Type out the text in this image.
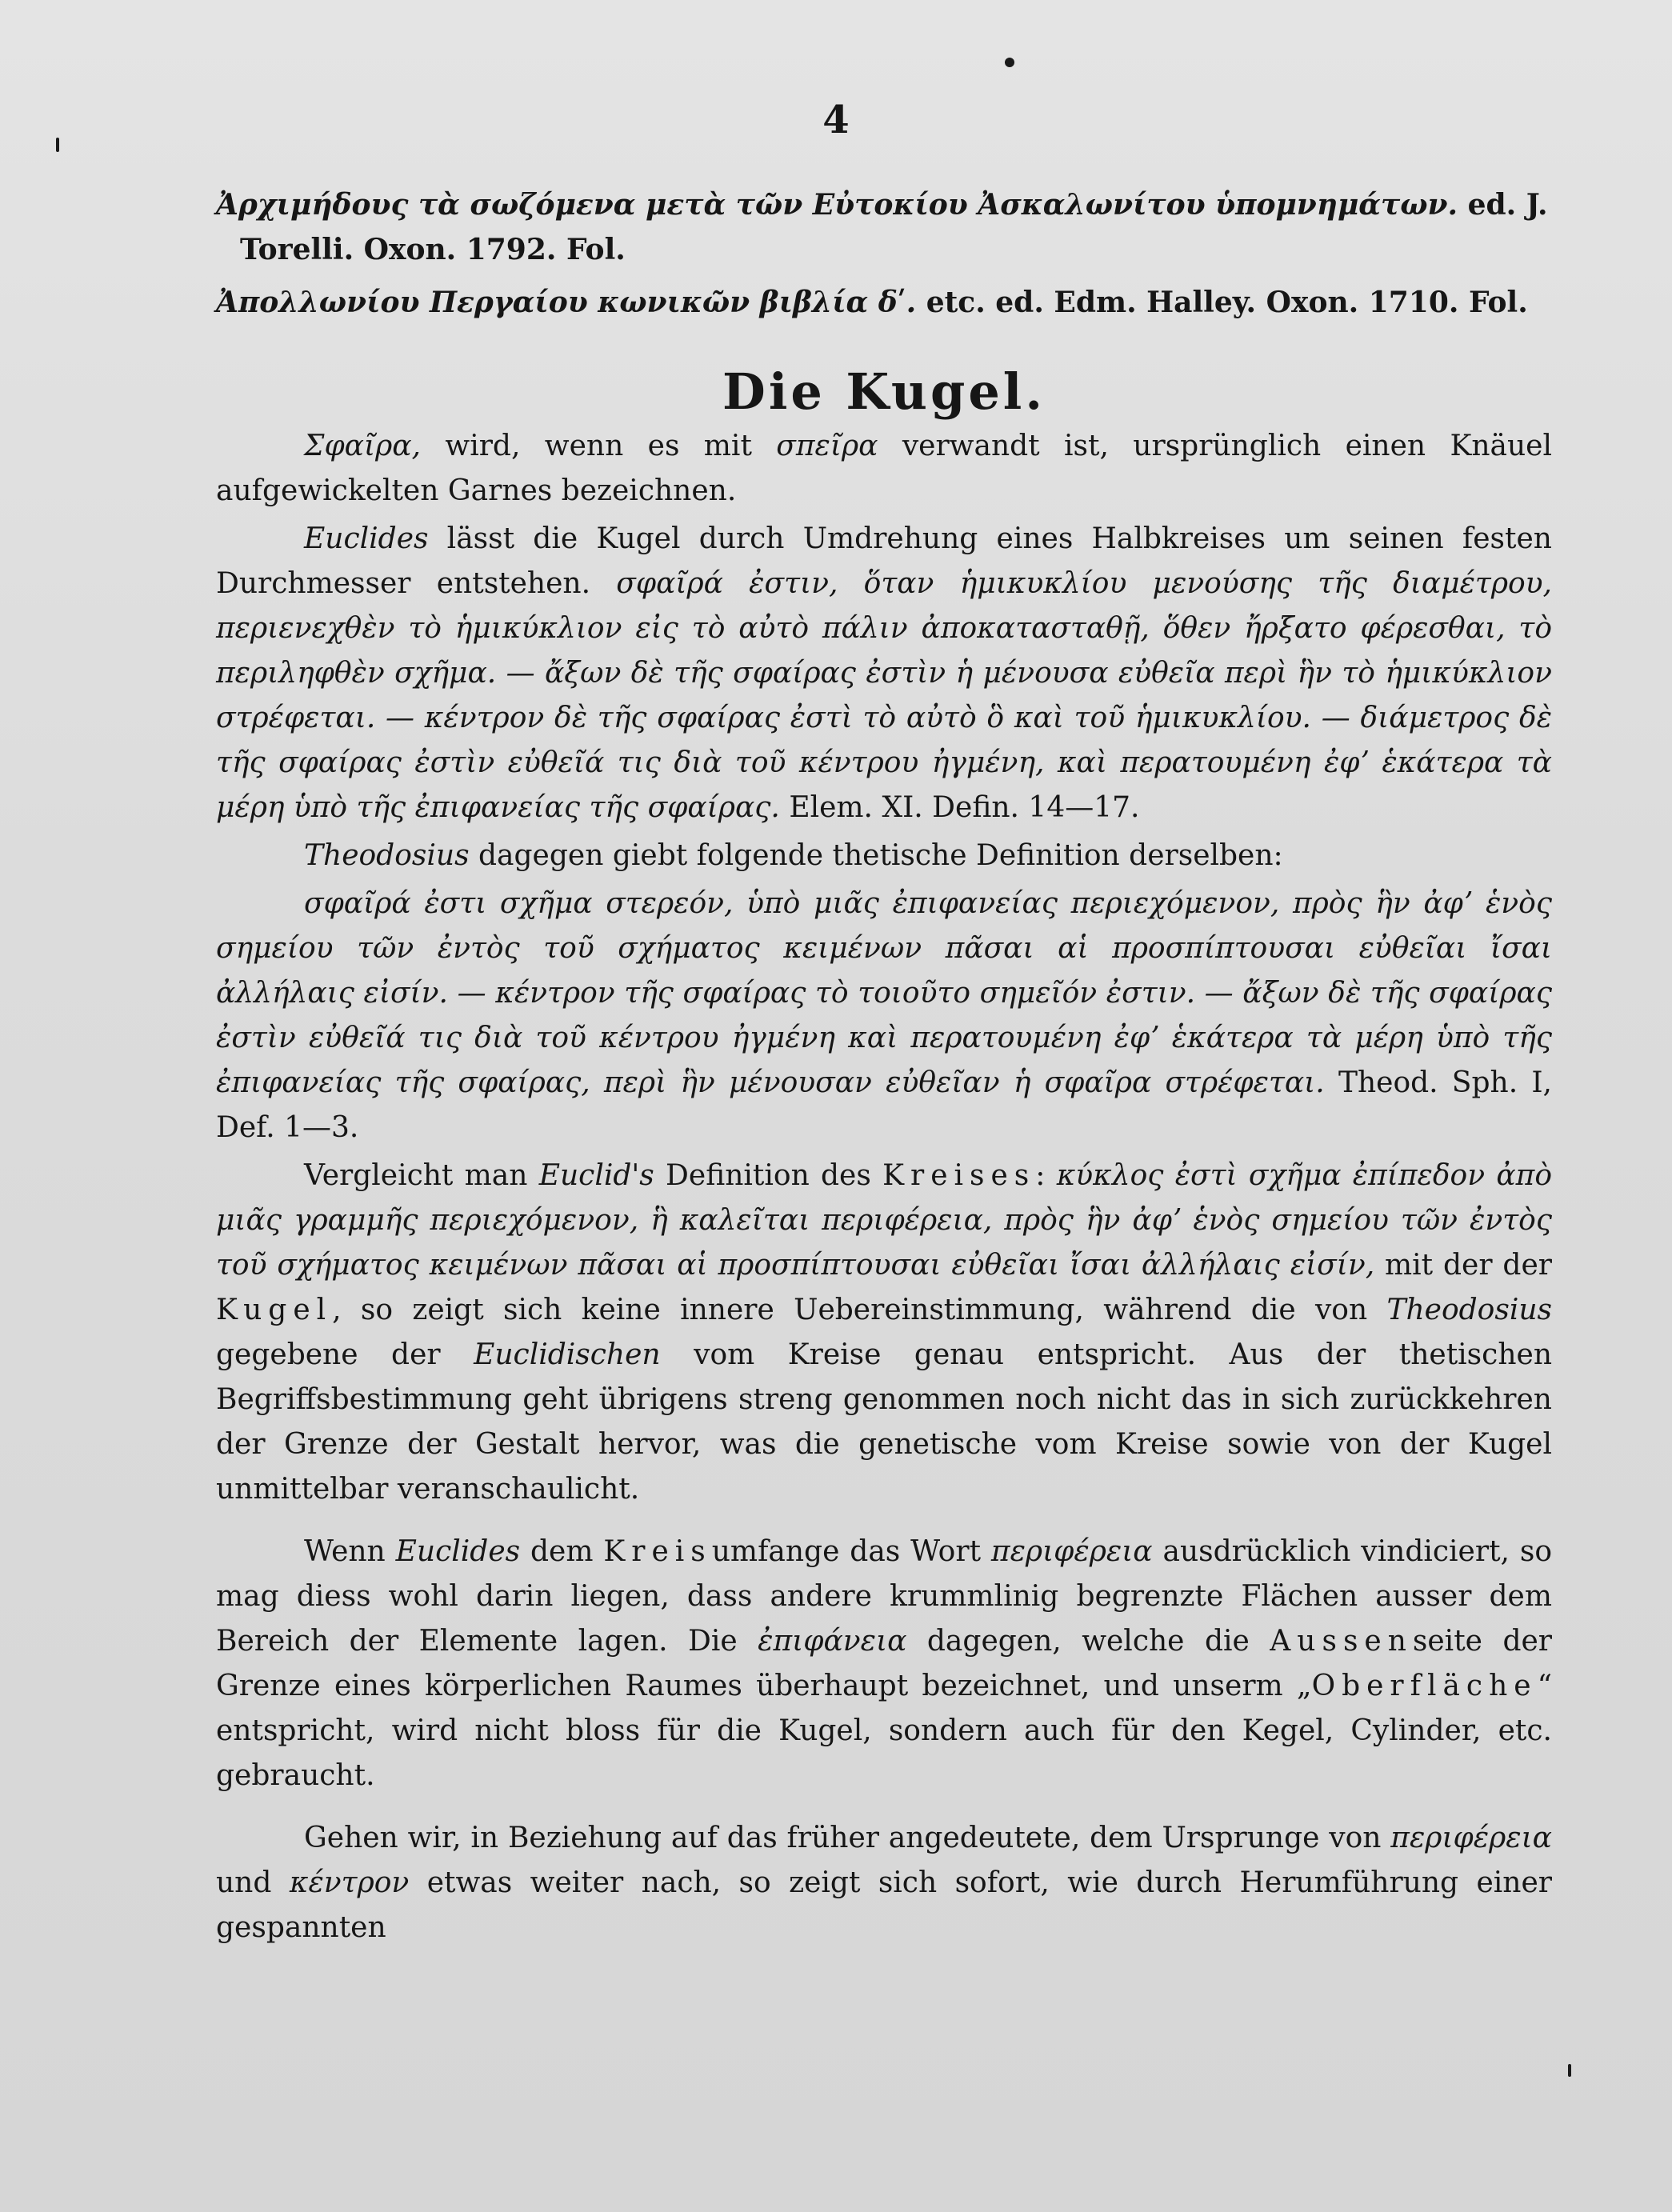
4

Ἀρχιμήδους τὰ σωζόμενα μετὰ τῶν Εὐτοκίου Ἀσκαλωνίτου ὑπομνημάτων. ed. J. Torelli. Oxon. 1792. Fol.

Ἀπολλωνίου Περγαίου κωνικῶν βιβλία δʹ. etc. ed. Edm. Halley. Oxon. 1710. Fol.

Die Kugel.

Σφαῖρα, wird, wenn es mit σπεῖρα verwandt ist, ursprünglich einen Knäuel aufgewickelten Garnes bezeichnen.

Euclides lässt die Kugel durch Umdrehung eines Halbkreises um seinen festen Durchmesser entstehen. σφαῖρά ἐστιν, ὅταν ἡμικυκλίου μενούσης τῆς διαμέτρου, περιενεχθὲν τὸ ἡμικύκλιον εἰς τὸ αὐτὸ πάλιν ἀποκατασταθῇ, ὅθεν ἤρξατο φέρεσθαι, τὸ περιληφθὲν σχῆμα. — ἄξων δὲ τῆς σφαίρας ἐστὶν ἡ μένουσα εὐθεῖα περὶ ἣν τὸ ἡμικύκλιον στρέφεται. — κέντρον δὲ τῆς σφαίρας ἐστὶ τὸ αὐτὸ ὃ καὶ τοῦ ἡμικυκλίου. — διάμετρος δὲ τῆς σφαίρας ἐστὶν εὐθεῖά τις διὰ τοῦ κέντρου ἠγμένη, καὶ περατουμένη ἐφʼ ἑκάτερα τὰ μέρη ὑπὸ τῆς ἐπιφανείας τῆς σφαίρας. Elem. XI. Defin. 14—17.

Theodosius dagegen giebt folgende thetische Definition derselben:

σφαῖρά ἐστι σχῆμα στερεόν, ὑπὸ μιᾶς ἐπιφανείας περιεχόμενον, πρὸς ἣν ἀφʼ ἑνὸς σημείου τῶν ἐντὸς τοῦ σχήματος κειμένων πᾶσαι αἱ προσπίπτουσαι εὐθεῖαι ἴσαι ἀλλήλαις εἰσίν. — κέντρον τῆς σφαίρας τὸ τοιοῦτο σημεῖόν ἐστιν. — ἄξων δὲ τῆς σφαίρας ἐστὶν εὐθεῖά τις διὰ τοῦ κέντρου ἠγμένη καὶ περατουμένη ἐφʼ ἑκάτερα τὰ μέρη ὑπὸ τῆς ἐπιφανείας τῆς σφαίρας, περὶ ἣν μένουσαν εὐθεῖαν ἡ σφαῖρα στρέφεται. Theod. Sph. I, Def. 1—3.

Vergleicht man Euclid's Definition des Kreises: κύκλος ἐστὶ σχῆμα ἐπίπεδον ἀπὸ μιᾶς γραμμῆς περιεχόμενον, ἣ καλεῖται περιφέρεια, πρὸς ἣν ἀφʼ ἑνὸς σημείου τῶν ἐντὸς τοῦ σχήματος κειμένων πᾶσαι αἱ προσπίπτουσαι εὐθεῖαι ἴσαι ἀλλήλαις εἰσίν, mit der der Kugel, so zeigt sich keine innere Uebereinstimmung, während die von Theodosius gegebene der Euclidischen vom Kreise genau entspricht. Aus der thetischen Begriffsbestimmung geht übrigens streng genommen noch nicht das in sich zurückkehren der Grenze der Gestalt hervor, was die genetische vom Kreise sowie von der Kugel unmittelbar veranschaulicht.

Wenn Euclides dem Kreisumfange das Wort περιφέρεια ausdrücklich vindiciert, so mag diess wohl darin liegen, dass andere krummlinig begrenzte Flächen ausser dem Bereich der Elemente lagen. Die ἐπιφάνεια dagegen, welche die Aussenseite der Grenze eines körperlichen Raumes überhaupt bezeichnet, und unserm „Oberfläche“ entspricht, wird nicht bloss für die Kugel, sondern auch für den Kegel, Cylinder, etc. gebraucht.

Gehen wir, in Beziehung auf das früher angedeutete, dem Ursprunge von περιφέρεια und κέντρον etwas weiter nach, so zeigt sich sofort, wie durch Herumführung einer gespannten
